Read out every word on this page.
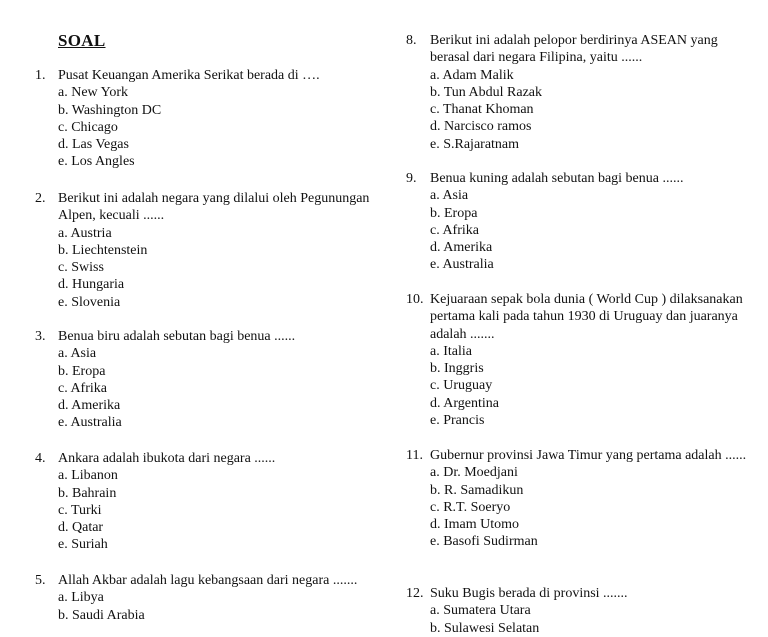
SOAL
1. Pusat Keuangan Amerika Serikat berada di ….
a. New York
b. Washington DC
c. Chicago
d. Las Vegas
e. Los Angles
2. Berikut ini adalah negara yang dilalui oleh Pegunungan Alpen, kecuali ......
a. Austria
b. Liechtenstein
c. Swiss
d. Hungaria
e. Slovenia
3. Benua biru adalah sebutan bagi benua ......
a. Asia
b. Eropa
c. Afrika
d. Amerika
e. Australia
4. Ankara adalah ibukota dari negara ......
a. Libanon
b. Bahrain
c. Turki
d. Qatar
e. Suriah
5. Allah Akbar adalah lagu kebangsaan dari negara .......
a. Libya
b. Saudi Arabia
8. Berikut ini adalah pelopor berdirinya ASEAN yang berasal dari negara Filipina, yaitu ......
a. Adam Malik
b. Tun Abdul Razak
c. Thanat Khoman
d. Narcisco ramos
e. S.Rajaratnam
9. Benua kuning adalah sebutan bagi benua ......
a. Asia
b. Eropa
c. Afrika
d. Amerika
e. Australia
10. Kejuaraan sepak bola dunia ( World Cup ) dilaksanakan pertama kali pada tahun 1930 di Uruguay dan juaranya adalah .......
a. Italia
b. Inggris
c. Uruguay
d. Argentina
e. Prancis
11. Gubernur provinsi Jawa Timur yang pertama adalah ......
a. Dr. Moedjani
b. R. Samadikun
c. R.T. Soeryo
d. Imam Utomo
e. Basofi Sudirman
12. Suku Bugis berada di provinsi .......
a. Sumatera Utara
b. Sulawesi Selatan
